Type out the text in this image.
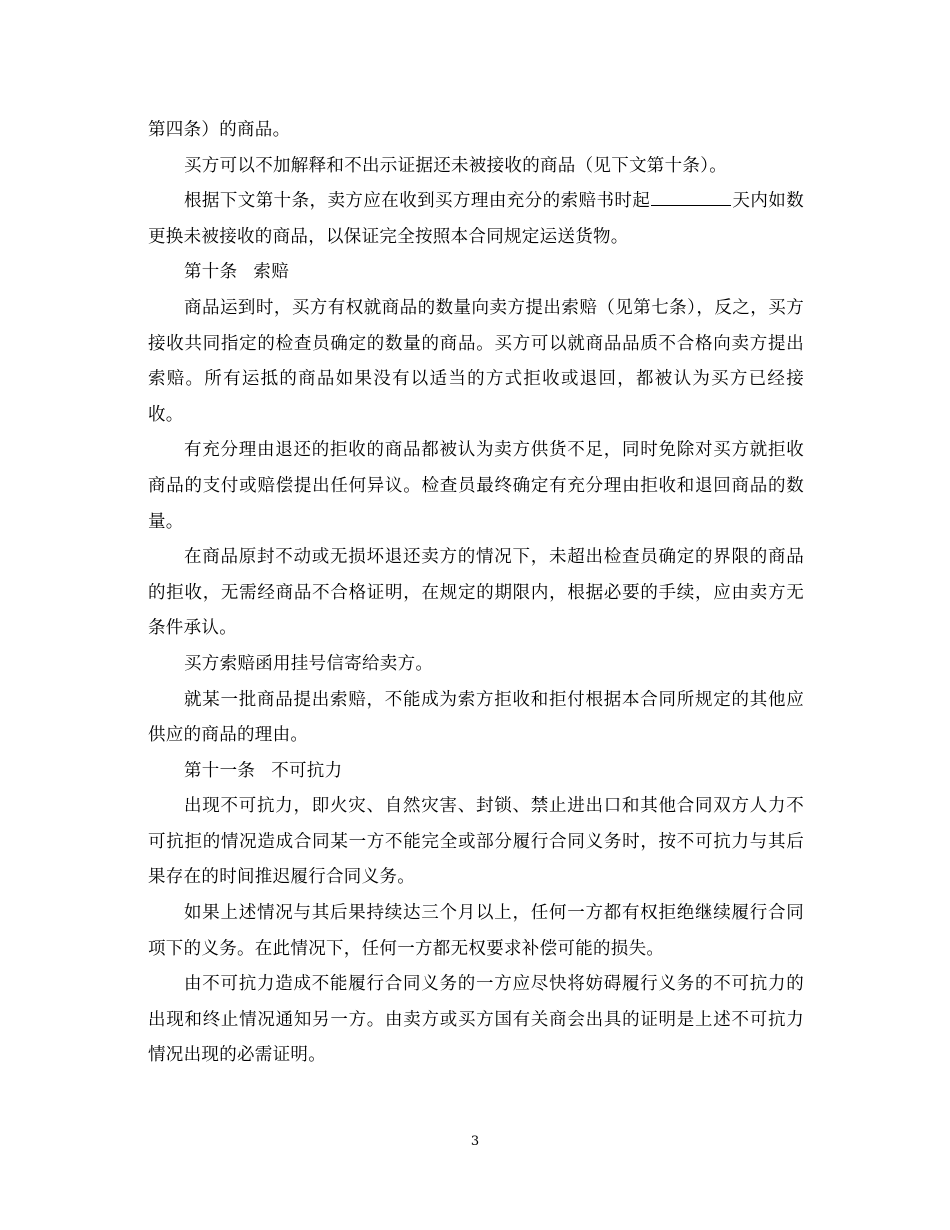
第四条）的商品。

买方可以不加解释和不出示证据还未被接收的商品（见下文第十条）。

根据下文第十条，卖方应在收到买方理由充分的索赔书时起	天内如数更换未被接收的商品，以保证完全按照本合同规定运送货物。

第十条 索赔

商品运到时，买方有权就商品的数量向卖方提出索赔（见第七条），反之，买方接收共同指定的检查员确定的数量的商品。买方可以就商品品质不合格向卖方提出索赔。所有运抵的商品如果没有以适当的方式拒收或退回，都被认为买方已经接收。

有充分理由退还的拒收的商品都被认为卖方供货不足，同时免除对买方就拒收商品的支付或赔偿提出任何异议。检查员最终确定有充分理由拒收和退回商品的数量。

在商品原封不动或无损坏退还卖方的情况下，未超出检查员确定的界限的商品的拒收，无需经商品不合格证明，在规定的期限内，根据必要的手续，应由卖方无条件承认。

买方索赔函用挂号信寄给卖方。

就某一批商品提出索赔，不能成为索方拒收和拒付根据本合同所规定的其他应供应的商品的理由。

第十一条 不可抗力

出现不可抗力，即火灾、自然灾害、封锁、禁止进出口和其他合同双方人力不可抗拒的情况造成合同某一方不能完全或部分履行合同义务时，按不可抗力与其后果存在的时间推迟履行合同义务。

如果上述情况与其后果持续达三个月以上，任何一方都有权拒绝继续履行合同项下的义务。在此情况下，任何一方都无权要求补偿可能的损失。

由不可抗力造成不能履行合同义务的一方应尽快将妨碍履行义务的不可抗力的出现和终止情况通知另一方。由卖方或买方国有关商会出具的证明是上述不可抗力情况出现的必需证明。

3
